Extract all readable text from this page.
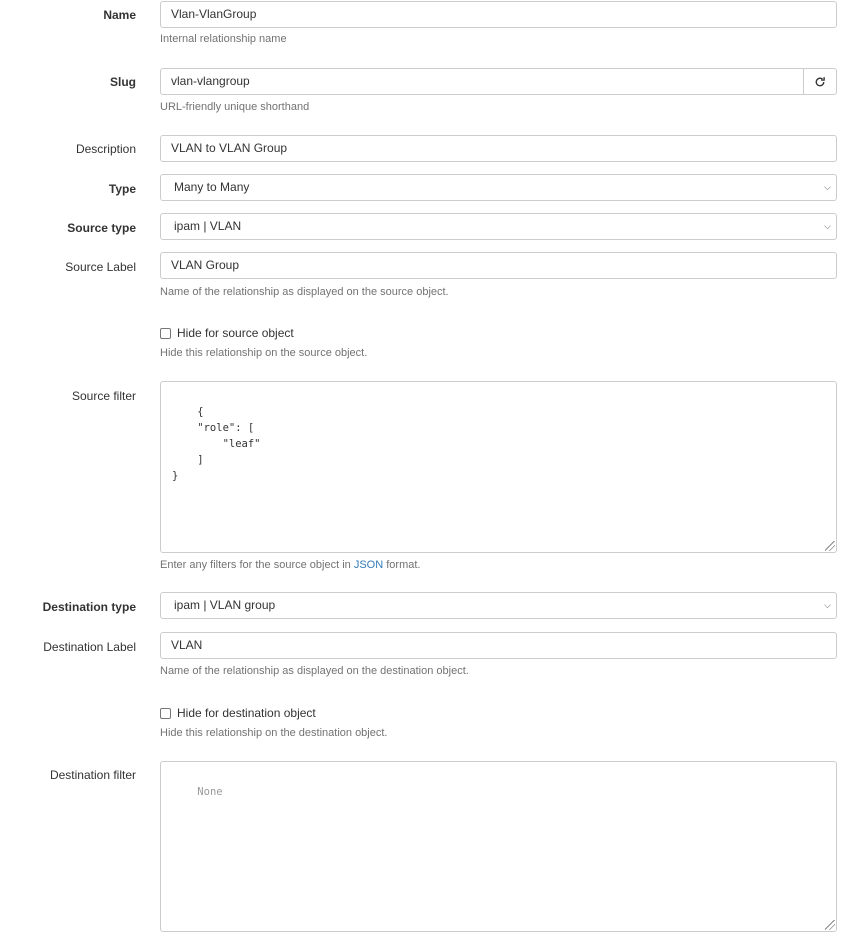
Name	Vlan-VlanGroup
Internal relationship name
Slug	vlan-vlangroup
URL-friendly unique shorthand
Description	VLAN to VLAN Group
Type	Many to Many	⌵
Source type	ipam | VLAN	⌵
Source Label	VLAN Group
Name of the relationship as displayed on the source object.
Hide for source object
Hide this relationship on the source object.
Source filter

{
"role": [
"leaf"
]
}

Enter any filters for the source object in JSON format.
Destination type	ipam | VLAN group	⌵
Destination Label	VLAN
Name of the relationship as displayed on the destination object.
Hide for destination object
Hide this relationship on the destination object.
Destination filter

None
